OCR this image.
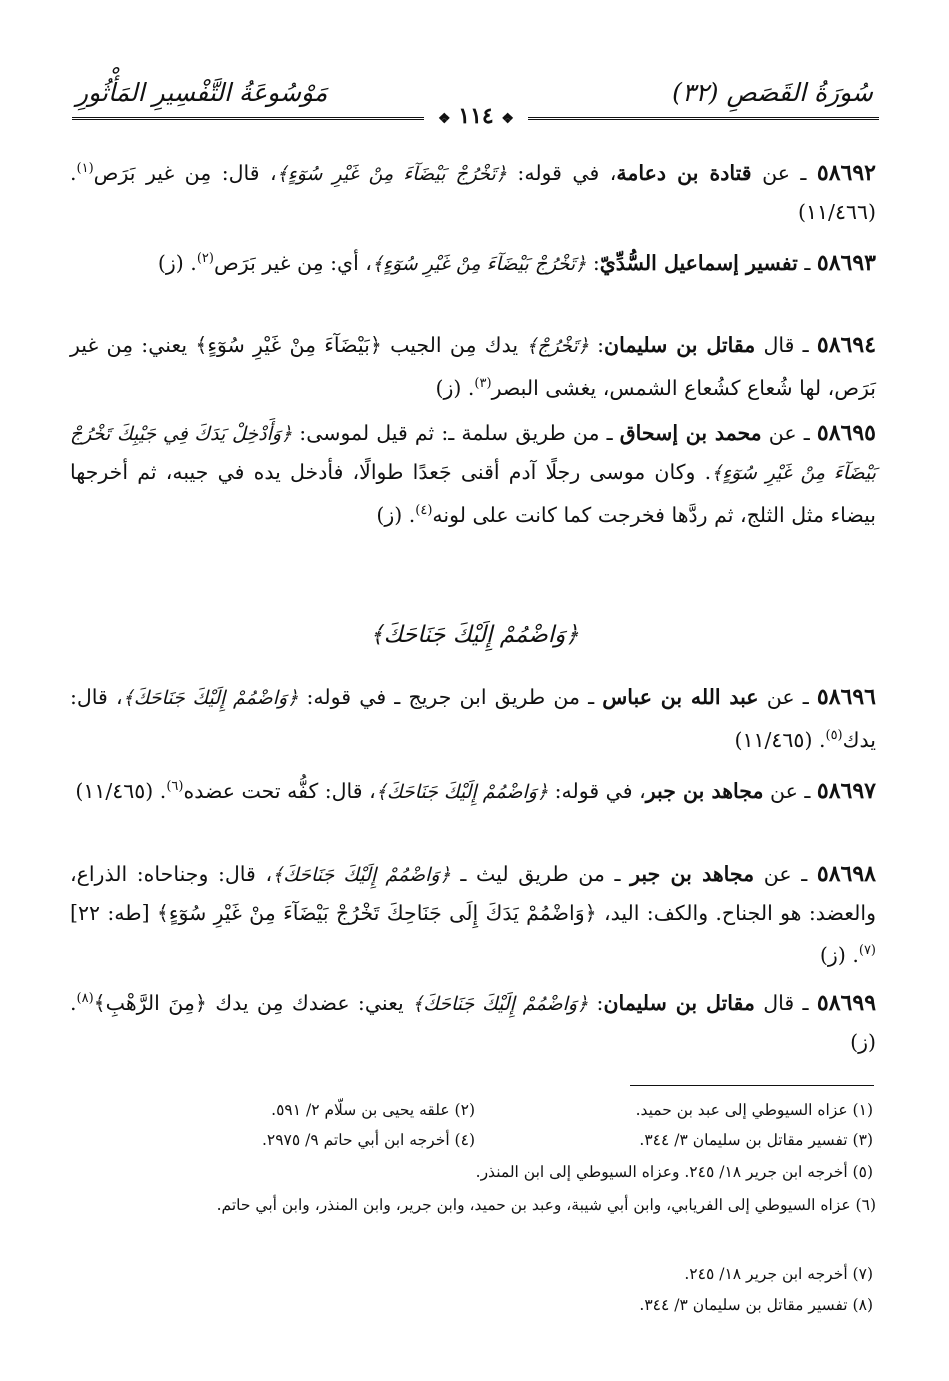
سُورَةُ القَصَصِ (٣٢)
مَوْسُوعَةُ التَّفْسِيرِ المَأْثُورِ
❖ ١١٤ ❖
٥٨٦٩٢ ـ عن قتادة بن دعامة، في قوله: ﴿تَخْرُجْ بَيْضَآءَ مِنْ غَيْرِ سُوٓءٍ﴾، قال: مِن غير بَرَص$^{(١)}$. (١١/٤٦٦)
٥٨٦٩٣ ـ تفسير إسماعيل السُّدِّيّ: ﴿تَخْرُجْ بَيْضَآءَ مِنْ غَيْرِ سُوٓءٍ﴾، أي: مِن غير بَرَص$^{(٢)}$. (ز)
٥٨٦٩٤ ـ قال مقاتل بن سليمان: ﴿تَخْرُجْ﴾ يدك مِن الجيب ﴿بَيْضَآءَ مِنْ غَيْرِ سُوٓءٍ﴾ يعني: مِن غير بَرَص، لها شُعاع كشُعاع الشمس، يغشى البصر$^{(٣)}$. (ز)
٥٨٦٩٥ ـ عن محمد بن إسحاق ـ من طريق سلمة ـ: ثم قيل لموسى: ﴿وَأَدْخِلْ يَدَكَ فِي جَيْبِكَ تَخْرُجْ بَيْضَآءَ مِنْ غَيْرِ سُوٓءٍ﴾. وكان موسى رجلًا آدم أقنى جَعدًا طوالًا، فأدخل يده في جيبه، ثم أخرجها بيضاء مثل الثلج، ثم ردَّها فخرجت كما كانت على لونه$^{(٤)}$. (ز)
﴿وَاضْمُمْ إِلَيْكَ جَنَاحَكَ﴾
٥٨٦٩٦ ـ عن عبد الله بن عباس ـ من طريق ابن جريج ـ في قوله: ﴿وَاضْمُمْ إِلَيْكَ جَنَاحَكَ﴾، قال: يدك$^{(٥)}$. (١١/٤٦٥)
٥٨٦٩٧ ـ عن مجاهد بن جبر، في قوله: ﴿وَاضْمُمْ إِلَيْكَ جَنَاحَكَ﴾، قال: كفُّه تحت عضده$^{(٦)}$. (١١/٤٦٥)
٥٨٦٩٨ ـ عن مجاهد بن جبر ـ من طريق ليث ـ ﴿وَاضْمُمْ إِلَيْكَ جَنَاحَكَ﴾، قال: وجناحاه: الذراع، والعضد: هو الجناح. والكف: اليد، ﴿وَاضْمُمْ يَدَكَ إِلَى جَنَاحِكَ تَخْرُجْ بَيْضَآءَ مِنْ غَيْرِ سُوٓءٍ﴾ [طه: ٢٢]$^{(٧)}$. (ز)
٥٨٦٩٩ ـ قال مقاتل بن سليمان: ﴿وَاضْمُمْ إِلَيْكَ جَنَاحَكَ﴾ يعني: عضدك مِن يدك ﴿مِنَ الرَّهْبِ﴾$^{(٨)}$. (ز)
(١) عزاه السيوطي إلى عبد بن حميد.
(٢) علقه يحيى بن سلّام ٢/ ٥٩١.
(٣) تفسير مقاتل بن سليمان ٣/ ٣٤٤.
(٤) أخرجه ابن أبي حاتم ٩/ ٢٩٧٥.
(٥) أخرجه ابن جرير ١٨/ ٢٤٥. وعزاه السيوطي إلى ابن المنذر.
(٦) عزاه السيوطي إلى الفريابي، وابن أبي شيبة، وعبد بن حميد، وابن جرير، وابن المنذر، وابن أبي حاتم.
(٧) أخرجه ابن جرير ١٨/ ٢٤٥.
(٨) تفسير مقاتل بن سليمان ٣/ ٣٤٤.
